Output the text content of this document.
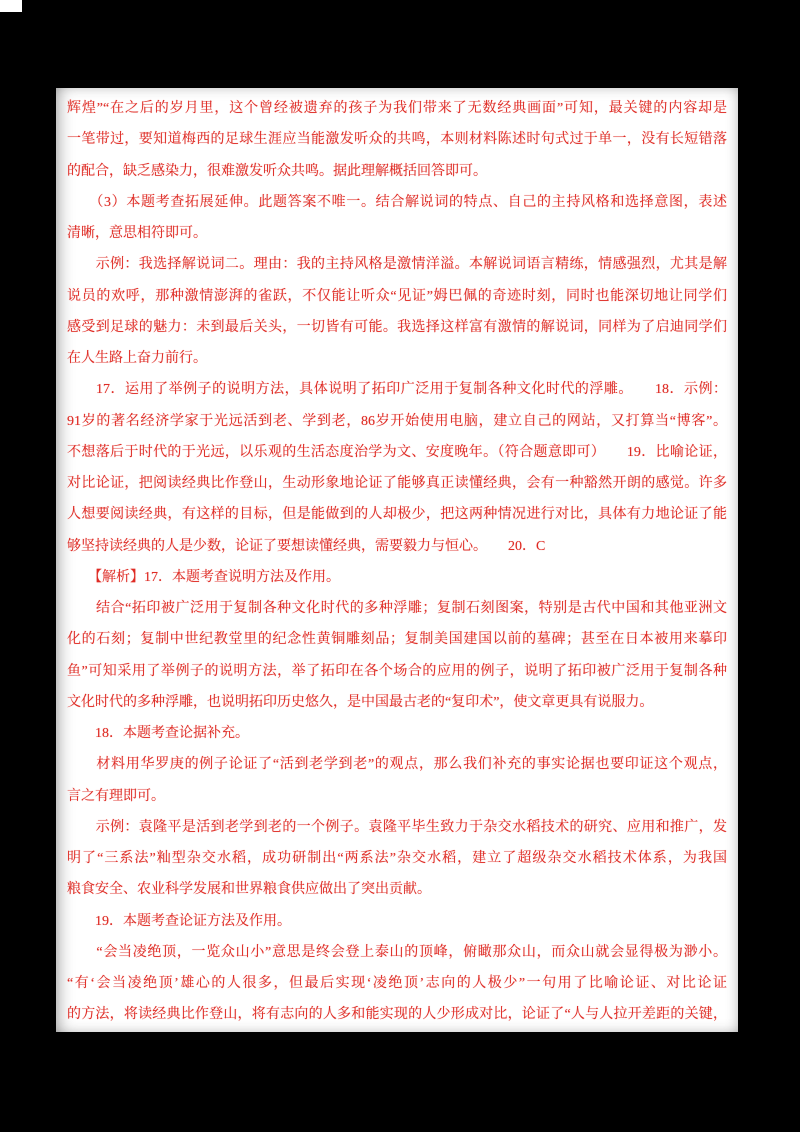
辉煌”“在之后的岁月里，这个曾经被遗弃的孩子为我们带来了无数经典画面”可知，最关键的内容却是
一笔带过，要知道梅西的足球生涯应当能激发听众的共鸣，本则材料陈述时句式过于单一，没有长短错落
的配合，缺乏感染力，很难激发听众共鸣。据此理解概括回答即可。
　　（3）本题考查拓展延伸。此题答案不唯一。结合解说词的特点、自己的主持风格和选择意图，表述
清晰，意思相符即可。
　　示例：我选择解说词二。理由：我的主持风格是激情洋溢。本解说词语言精练，情感强烈，尤其是解
说员的欢呼，那种激情澎湃的雀跃，不仅能让听众“见证”姆巴佩的奇迹时刻，同时也能深切地让同学们
感受到足球的魅力：未到最后关头，一切皆有可能。我选择这样富有激情的解说词，同样为了启迪同学们
在人生路上奋力前行。
　　17．运用了举例子的说明方法，具体说明了拓印广泛用于复制各种文化时代的浮雕。　　18．示例：
91岁的著名经济学家于光远活到老、学到老，86岁开始使用电脑，建立自己的网站，又打算当“博客”。
不想落后于时代的于光远，以乐观的生活态度治学为文、安度晚年。（符合题意即可）　　19．比喻论证，
对比论证，把阅读经典比作登山，生动形象地论证了能够真正读懂经典，会有一种豁然开朗的感觉。许多
人想要阅读经典，有这样的目标，但是能做到的人却极少，把这两种情况进行对比，具体有力地论证了能
够坚持读经典的人是少数，论证了要想读懂经典，需要毅力与恒心。　　20．C
　　【解析】17．本题考查说明方法及作用。
　　结合“拓印被广泛用于复制各种文化时代的多种浮雕；复制石刻图案，特别是古代中国和其他亚洲文
化的石刻；复制中世纪教堂里的纪念性黄铜雕刻品；复制美国建国以前的墓碑；甚至在日本被用来摹印
鱼”可知采用了举例子的说明方法，举了拓印在各个场合的应用的例子，说明了拓印被广泛用于复制各种
文化时代的多种浮雕，也说明拓印历史悠久，是中国最古老的“复印术”，使文章更具有说服力。
　　18．本题考查论据补充。
　　材料用华罗庚的例子论证了“活到老学到老”的观点，那么我们补充的事实论据也要印证这个观点，
言之有理即可。
　　示例：袁隆平是活到老学到老的一个例子。袁隆平毕生致力于杂交水稻技术的研究、应用和推广，发
明了“三系法”籼型杂交水稻，成功研制出“两系法”杂交水稻，建立了超级杂交水稻技术体系，为我国
粮食安全、农业科学发展和世界粮食供应做出了突出贡献。
　　19．本题考查论证方法及作用。
　　“会当凌绝顶，一览众山小”意思是终会登上泰山的顶峰，俯瞰那众山，而众山就会显得极为渺小。
“有‘会当凌绝顶’雄心的人很多，但最后实现‘凌绝顶’志向的人极少”一句用了比喻论证、对比论证
的方法，将读经典比作登山，将有志向的人多和能实现的人少形成对比，论证了“人与人拉开差距的关键，
